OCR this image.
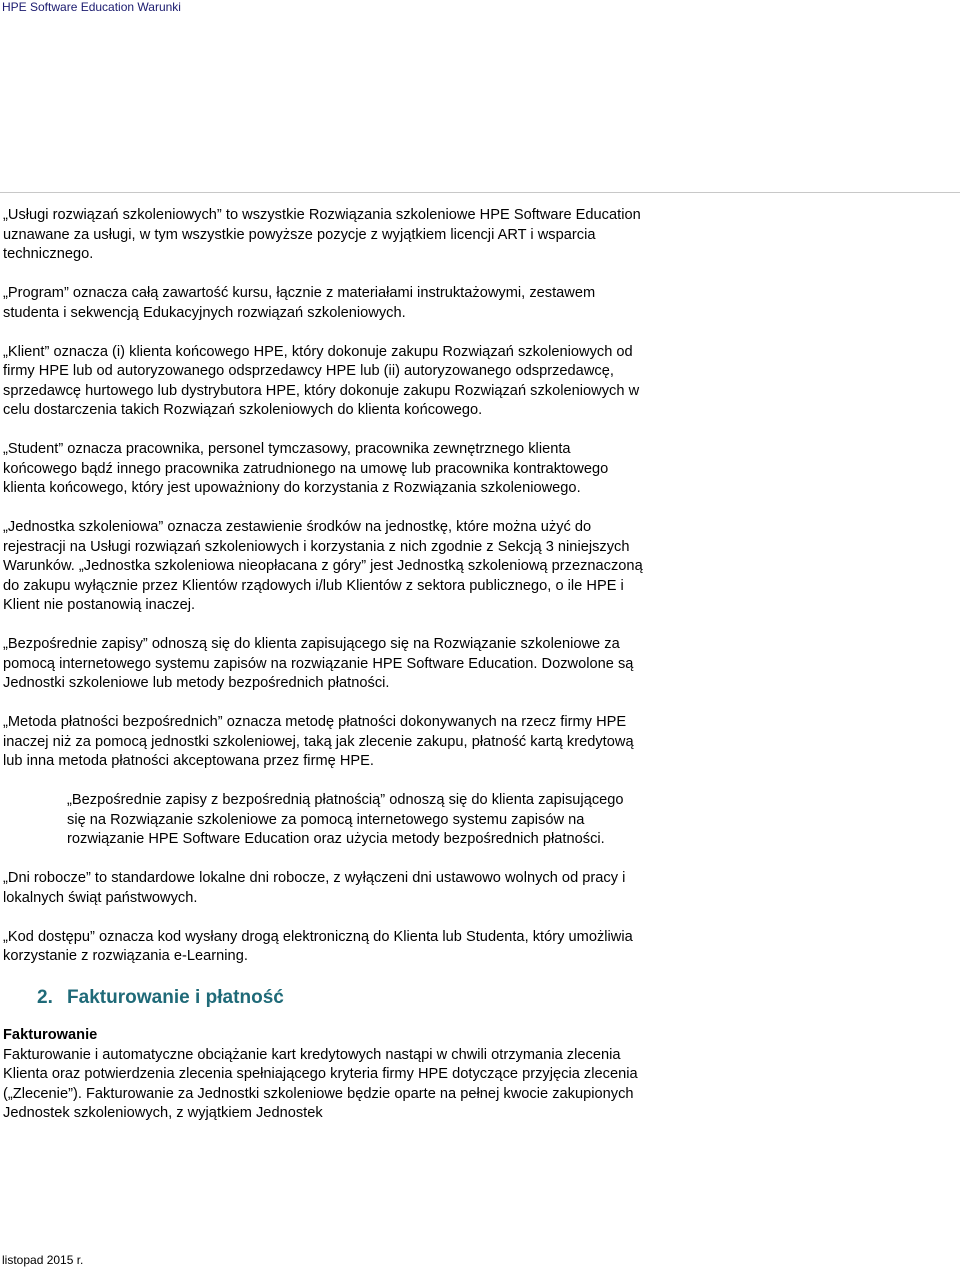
HPE Software Education Warunki

„Usługi rozwiązań szkoleniowych” to wszystkie Rozwiązania szkoleniowe HPE Software Education uznawane za usługi, w tym wszystkie powyższe pozycje z wyjątkiem licencji ART i wsparcia technicznego.

„Program” oznacza całą zawartość kursu, łącznie z materiałami instruktażowymi, zestawem studenta i sekwencją Edukacyjnych rozwiązań szkoleniowych.

„Klient” oznacza (i) klienta końcowego HPE, który dokonuje zakupu Rozwiązań szkoleniowych od firmy HPE lub od autoryzowanego odsprzedawcy HPE lub (ii) autoryzowanego odsprzedawcę, sprzedawcę hurtowego lub dystrybutora HPE, który dokonuje zakupu Rozwiązań szkoleniowych w celu dostarczenia takich Rozwiązań szkoleniowych do klienta końcowego.

„Student” oznacza pracownika, personel tymczasowy, pracownika zewnętrznego klienta końcowego bądź innego pracownika zatrudnionego na umowę lub pracownika kontraktowego klienta końcowego, który jest upoważniony do korzystania z Rozwiązania szkoleniowego.

„Jednostka szkoleniowa” oznacza zestawienie środków na jednostkę, które można użyć do rejestracji na Usługi rozwiązań szkoleniowych i korzystania z nich zgodnie z Sekcją 3 niniejszych Warunków. „Jednostka szkoleniowa nieopłacana z góry” jest Jednostką szkoleniową przeznaczoną do zakupu wyłącznie przez Klientów rządowych i/lub Klientów z sektora publicznego, o ile HPE i Klient nie postanowią inaczej.

„Bezpośrednie zapisy” odnoszą się do klienta zapisującego się na Rozwiązanie szkoleniowe za pomocą internetowego systemu zapisów na rozwiązanie HPE Software Education. Dozwolone są Jednostki szkoleniowe lub metody bezpośrednich płatności.

„Metoda płatności bezpośrednich” oznacza metodę płatności dokonywanych na rzecz firmy HPE inaczej niż za pomocą jednostki szkoleniowej, taką jak zlecenie zakupu, płatność kartą kredytową lub inna metoda płatności akceptowana przez firmę HPE.

„Bezpośrednie zapisy z bezpośrednią płatnością” odnoszą się do klienta zapisującego się na Rozwiązanie szkoleniowe za pomocą internetowego systemu zapisów na rozwiązanie HPE Software Education oraz użycia metody bezpośrednich płatności.

„Dni robocze” to standardowe lokalne dni robocze, z wyłączeni dni ustawowo wolnych od pracy i lokalnych świąt państwowych.

„Kod dostępu” oznacza kod wysłany drogą elektroniczną do Klienta lub Studenta, który umożliwia korzystanie z rozwiązania e-Learning.

2. Fakturowanie i płatność

Fakturowanie

Fakturowanie i automatyczne obciążanie kart kredytowych nastąpi w chwili otrzymania zlecenia Klienta oraz potwierdzenia zlecenia spełniającego kryteria firmy HPE dotyczące przyjęcia zlecenia („Zlecenie”). Fakturowanie za Jednostki szkoleniowe będzie oparte na pełnej kwocie zakupionych Jednostek szkoleniowych, z wyjątkiem Jednostek

listopad 2015 r.
